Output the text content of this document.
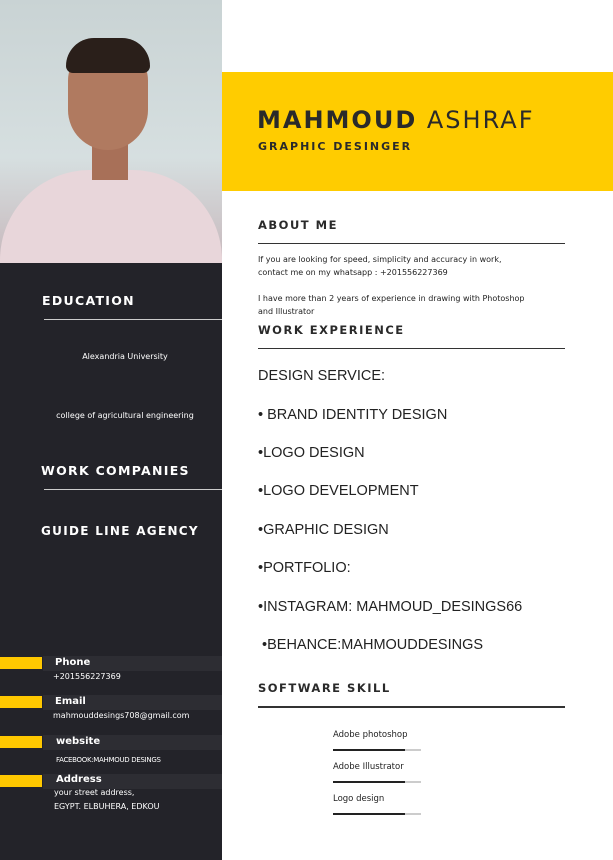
EDUCATION
Alexandria University
college of agricultural engineering
WORK COMPANIES
GUIDE LINE AGENCY
Phone
+201556227369
Email
mahmouddesings708@gmail.com
website
FACEBOOK:MAHMOUD DESINGS
Address
your street address,
EGYPT. ELBUHERA, EDKOU
MAHMOUD ASHRAF
GRAPHIC DESINGER
ABOUT ME
If you are looking for speed, simplicity and accuracy in work,
contact me on my whatsapp : +201556227369
I have more than 2 years of experience in drawing with Photoshop
and Illustrator
WORK EXPERIENCE
DESIGN SERVICE:
• BRAND IDENTITY DESIGN
•LOGO DESIGN
•LOGO DEVELOPMENT
•GRAPHIC DESIGN
•PORTFOLIO:
•INSTAGRAM: MAHMOUD_DESINGS66
•BEHANCE:MAHMOUDDESINGS
SOFTWARE SKILL
Adobe photoshop
Adobe Illustrator
Logo design
